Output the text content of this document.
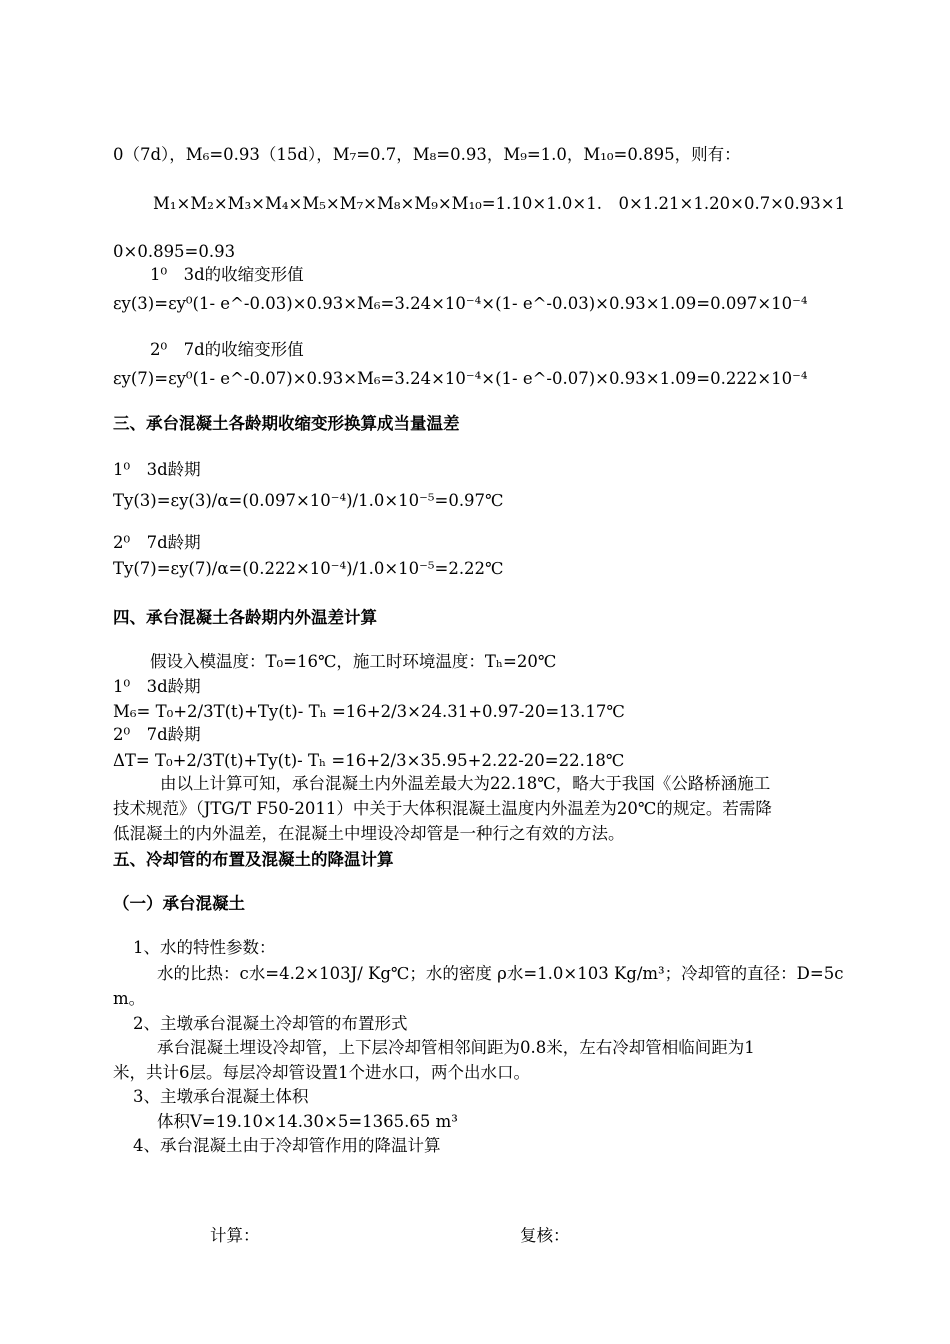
0（7d），M₆=0.93（15d），M₇=0.7，M₈=0.93，M₉=1.0，M₁₀=0.895，则有：
M₁×M₂×M₃×M₄×M₅×M₇×M₈×M₉×M₁₀=1.10×1.0×1.　0×1.21×1.20×0.7×0.93×1
0×0.895=0.93
1⁰　3d的收缩变形值
εy(3)=εy⁰(1- e^-0.03)×0.93×M₆=3.24×10⁻⁴×(1- e^-0.03)×0.93×1.09=0.097×10⁻⁴
2⁰　7d的收缩变形值
εy(7)=εy⁰(1- e^-0.07)×0.93×M₆=3.24×10⁻⁴×(1- e^-0.07)×0.93×1.09=0.222×10⁻⁴
三、承台混凝土各龄期收缩变形换算成当量温差
1⁰　3d龄期
Ty(3)=εy(3)/α=(0.097×10⁻⁴)/1.0×10⁻⁵=0.97℃
2⁰　7d龄期
Ty(7)=εy(7)/α=(0.222×10⁻⁴)/1.0×10⁻⁵=2.22℃
四、承台混凝土各龄期内外温差计算
假设入模温度：T₀=16℃，施工时环境温度：Tₕ=20℃
1⁰　3d龄期
M₆= T₀+2/3T(t)+Ty(t)- Tₕ =16+2/3×24.31+0.97-20=13.17℃
2⁰　7d龄期
ΔT= T₀+2/3T(t)+Ty(t)- Tₕ =16+2/3×35.95+2.22-20=22.18℃
由以上计算可知，承台混凝土内外温差最大为22.18℃，略大于我国《公路桥涵施工
技术规范》（JTG/T F50-2011）中关于大体积混凝土温度内外温差为20℃的规定。若需降
低混凝土的内外温差，在混凝土中埋设冷却管是一种行之有效的方法。
五、冷却管的布置及混凝土的降温计算
（一）承台混凝土
1、水的特性参数：
水的比热：c水=4.2×103J/ Kg℃；水的密度 ρ水=1.0×103 Kg/m³；冷却管的直径：D=5c
m。
2、主墩承台混凝土冷却管的布置形式
承台混凝土埋设冷却管，上下层冷却管相邻间距为0.8米，左右冷却管相临间距为1
米，共计6层。每层冷却管设置1个进水口，两个出水口。
3、主墩承台混凝土体积
体积V=19.10×14.30×5=1365.65 m³
4、承台混凝土由于冷却管作用的降温计算
计算：	复核：
